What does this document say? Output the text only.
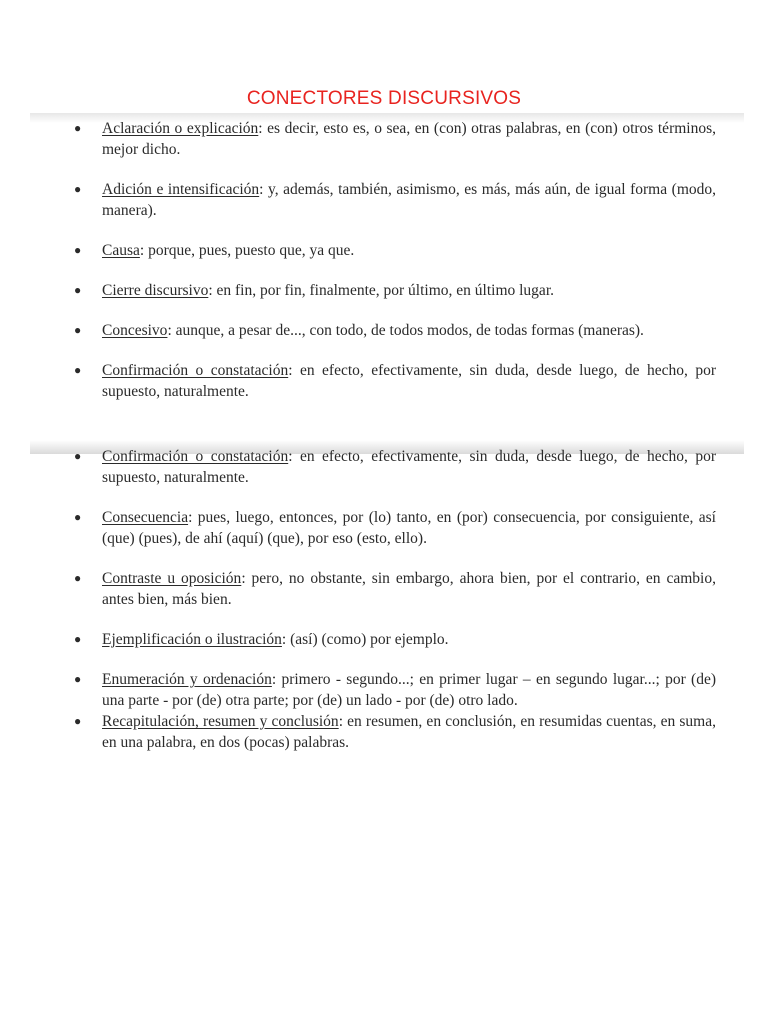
CONECTORES DISCURSIVOS
●	Aclaración o explicación: es decir, esto es, o sea, en (con) otras palabras, en (con) otros términos, mejor dicho.
●	Adición e intensificación: y, además, también, asimismo, es más, más aún, de igual forma (modo, manera).
●	Causa: porque, pues, puesto que, ya que.
●	Cierre discursivo: en fin, por fin, finalmente, por último, en último lugar.
●	Concesivo: aunque, a pesar de..., con todo, de todos modos, de todas formas (maneras).
●	Confirmación o constatación: en efecto, efectivamente, sin duda, desde luego, de hecho, por supuesto, naturalmente.
●	Confirmación o constatación: en efecto, efectivamente, sin duda, desde luego, de hecho, por supuesto, naturalmente.
●	Consecuencia: pues, luego, entonces, por (lo) tanto, en (por) consecuencia, por consiguiente, así (que) (pues), de ahí (aquí) (que), por eso (esto, ello).
●	Contraste u oposición: pero, no obstante, sin embargo, ahora bien, por el contrario, en cambio, antes bien, más bien.
●	Ejemplificación o ilustración: (así) (como) por ejemplo.
●	Enumeración y ordenación: primero - segundo...; en primer lugar – en segundo lugar...; por (de) una parte - por (de) otra parte; por (de) un lado - por (de) otro lado.
●	Recapitulación, resumen y conclusión: en resumen, en conclusión, en resumidas cuentas, en suma, en una palabra, en dos (pocas) palabras.
